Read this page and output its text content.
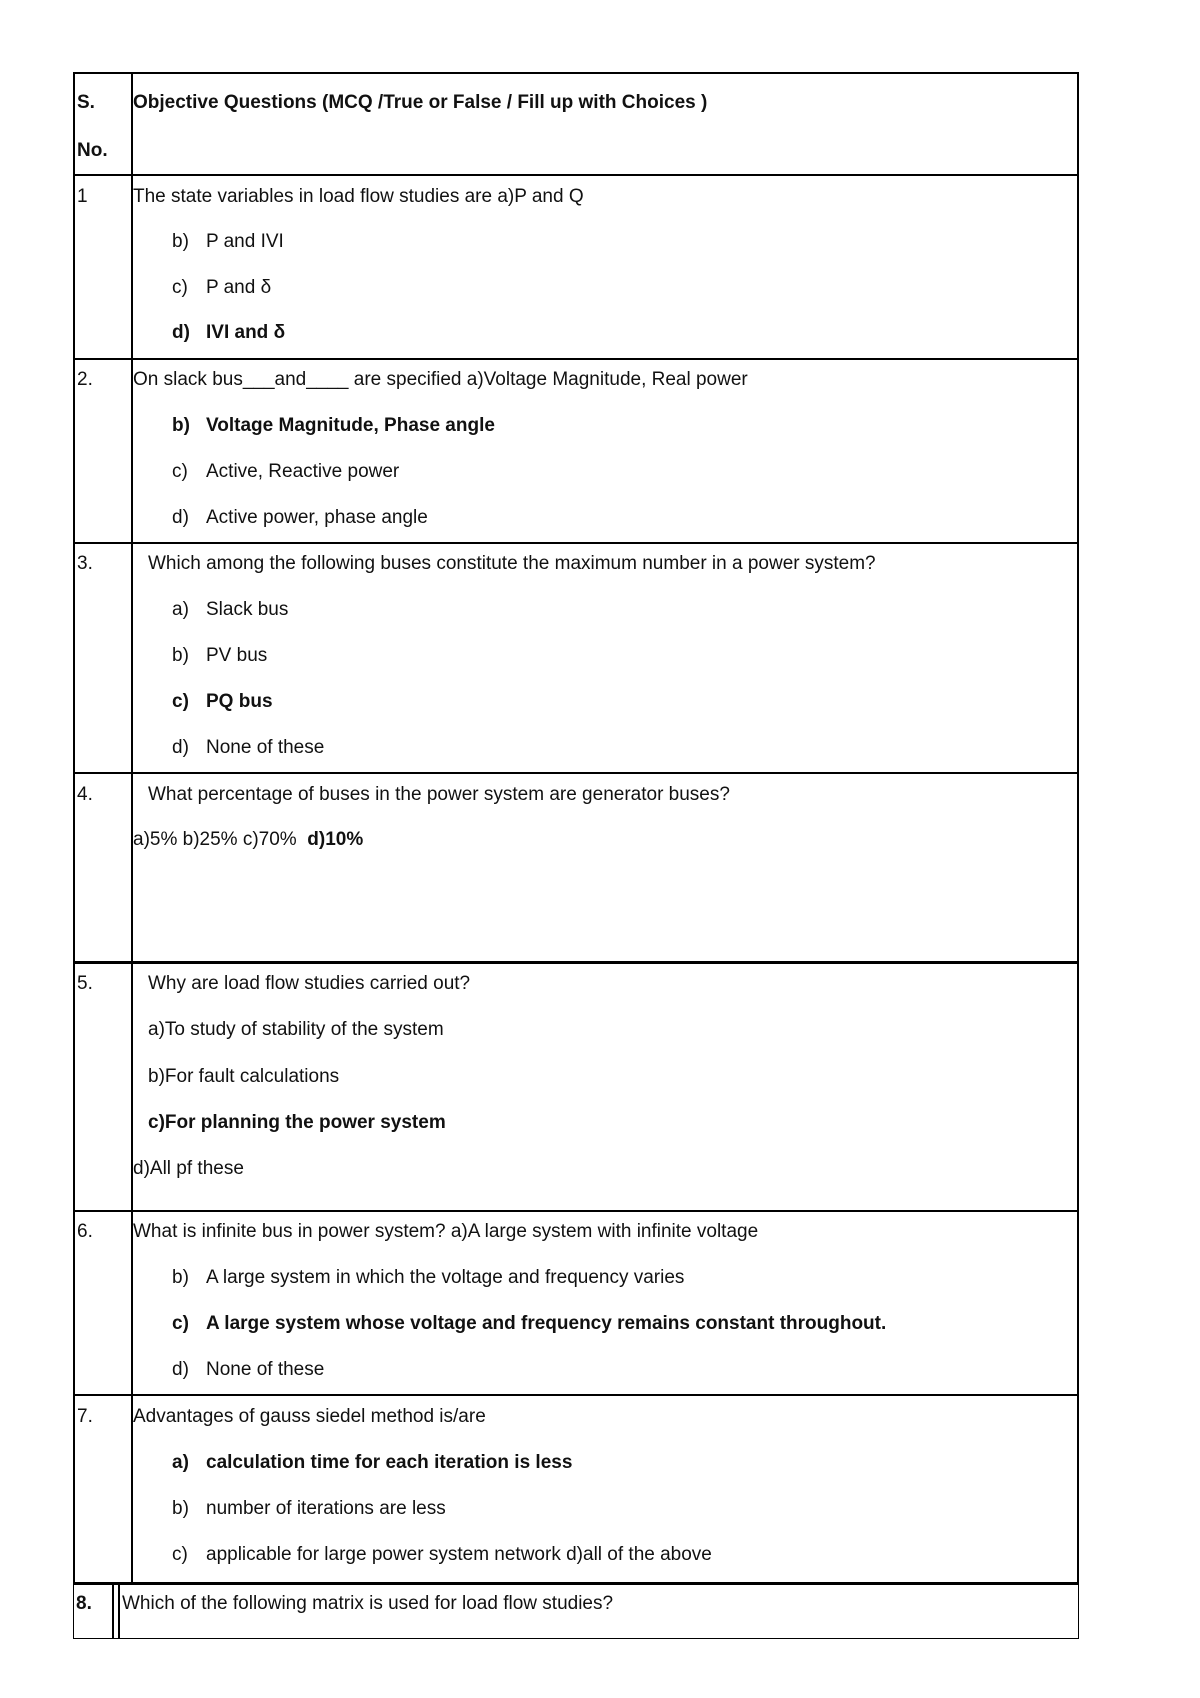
S.
No.
Objective Questions (MCQ /True or False / Fill up with Choices )
1 The state variables in load flow studies are a)P and Q
b) P and IVI
c) P and δ
d) IVI and δ
2. On slack bus___and____ are specified a)Voltage Magnitude, Real power
b) Voltage Magnitude, Phase angle
c) Active, Reactive power
d) Active power, phase angle
3.	Which among the following buses constitute the maximum number in a power system?
a) Slack bus
b) PV bus
c) PQ bus
d) None of these
4.	What percentage of buses in the power system are generator buses?
a)5% b)25% c)70% d)10%
5.	Why are load flow studies carried out?
a)To study of stability of the system
b)For fault calculations
c)For planning the power system
d)All pf these
6. What is infinite bus in power system? a)A large system with infinite voltage
b) A large system in which the voltage and frequency varies
c) A large system whose voltage and frequency remains constant throughout.
d) None of these
7. Advantages of gauss siedel method is/are
a) calculation time for each iteration is less
b) number of iterations are less
c) applicable for large power system network d)all of the above
8. Which of the following matrix is used for load flow studies?
